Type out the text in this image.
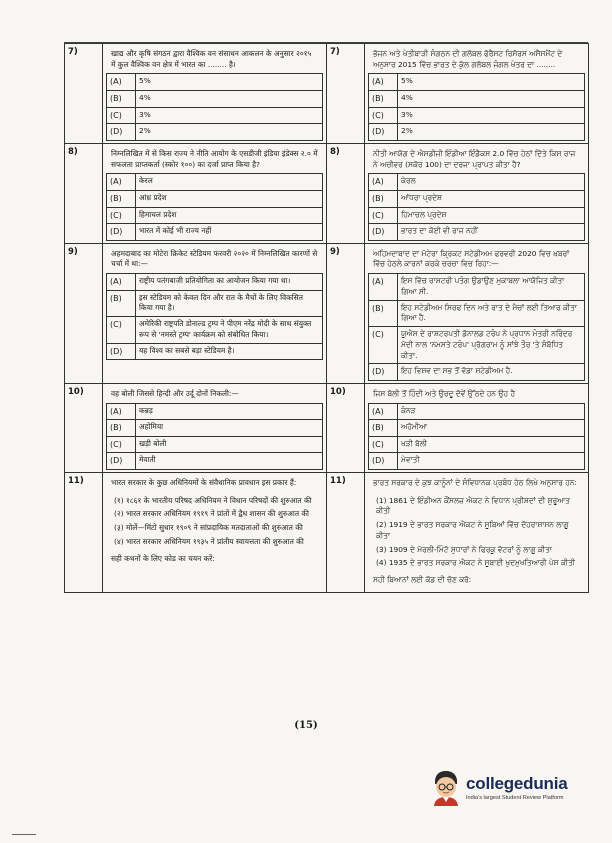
7)	खाद्य और कृषि संगठन द्वारा वैश्विक वन संसाधन आकलन के अनुसार २०१५ में कुल वैश्विक वन क्षेत्र में भारत का ........ है।
(A)	5%
(B)	4%
(C)	3%
(D)	2%
	7)	ਭੋਜਨ ਅਤੇ ਖੇਤੀਬਾੜੀ ਸੰਗਠਨ ਦੀ ਗਲੋਬਲ ਫੋਰੈਸਟ ਰਿਸੋਰਸ ਅਸੈਸਮੈਂਟ ਦੇ ਅਨੁਸਾਰ 2015 ਵਿੱਚ ਭਾਰਤ ਦੇ ਕੁੱਲ ਗਲੋਬਲ ਜੰਗਲ ਖੇਤਰ ਦਾ ........
(A)	5%
(B)	4%
(C)	3%
(D)	2%

8)	निम्नलिखित में से किस राज्य ने नीति आयोग के एसडीजी इंडिया इंडेक्स २.० में सफलता प्राप्तकर्ता (स्कोर १००) का दर्जा प्राप्त किया है?
(A)	केरल
(B)	आंध्र प्रदेश
(C)	हिमाचल प्रदेश
(D)	भारत में कोई भी राज्य नहीं
	8)	ਨੀਤੀ ਆਯੋਗ ਦੇ ਐਸਡੀਜੀ ਇੰਡੀਆ ਇੰਡੈਕਸ 2.0 ਵਿੱਚ ਹੇਠਾਂ ਦਿੱਤੇ ਕਿਸ ਰਾਜ ਨੇ ਅਚੀਵਰ (ਸਕੋਰ 100) ਦਾ ਦਰਜਾ ਪ੍ਰਾਪਤ ਕੀਤਾ ਹੈ?
(A)	ਕੇਰਲ
(B)	ਆਂਧਰਾ ਪ੍ਰਦੇਸ਼
(C)	ਹਿਮਾਚਲ ਪ੍ਰਦੇਸ਼
(D)	ਭਾਰਤ ਦਾ ਕੋਈ ਵੀ ਰਾਜ ਨਹੀਂ

9)	अहमदाबाद का मोटेरा क्रिकेट स्टेडियम फरवरी २०२० में निम्नलिखित कारणों से चर्चा में था:—
(A)	राष्ट्रीय पतंगबाजी प्रतियोगिता का आयोजन किया गया था।
(B)	इस स्टेडियम को केवल दिन और रात के मैचों के लिए विकसित किया गया है।
(C)	अमेरिकी राष्ट्रपति डोनाल्ड ट्रम्प ने पीएम नरेंद्र मोदी के साथ संयुक्त रूप से 'नमस्ते ट्रम्प' कार्यक्रम को संबोधित किया।
(D)	यह विश्व का सबसे बड़ा स्टेडियम है।
	9)	ਅਹਿਮਦਾਬਾਦ ਦਾ ਮੋਟੇਰਾ ਕ੍ਰਿਕਟ ਸਟੇਡੀਅਮ ਫਰਵਰੀ 2020 ਵਿਚ ਖ਼ਬਰਾਂ ਵਿੱਚ ਹੇਠਲੇ ਕਾਰਨਾਂ ਕਰਕੇ ਚਰਚਾ ਵਿਚ ਰਿਹਾ:—
(A)	ਇਸ ਵਿੱਚ ਰਾਸ਼ਟਰੀ ਪਤੰਗ ਉਡਾਉਣ ਮੁਕਾਬਲਾ ਆਯੋਜਿਤ ਕੀਤਾ ਗਿਆ ਸੀ.
(B)	ਇਹ ਸਟੇਡੀਅਮ ਸਿਰਫ ਦਿਨ ਅਤੇ ਰਾਤ ਦੇ ਮੈਚਾਂ ਲਈ ਤਿਆਰ ਕੀਤਾ ਗਿਆ ਹੈ.
(C)	ਯੂਐਸ ਦੇ ਰਾਸ਼ਟਰਪਤੀ ਡੋਨਾਲਡ ਟਰੰਪ ਨੇ ਪ੍ਰਧਾਨ ਮੰਤਰੀ ਨਰਿੰਦਰ ਮੋਦੀ ਨਾਲ 'ਨਮਸਤੇ ਟਰੰਪ' ਪ੍ਰੋਗਰਾਮ ਨੂੰ ਸਾਂਝੇ ਤੌਰ 'ਤੇ ਸੰਬੋਧਿਤ ਕੀਤਾ.
(D)	ਇਹ ਵਿਸ਼ਵ ਦਾ ਸਭ ਤੋਂ ਵੱਡਾ ਸਟੇਡੀਅਮ ਹੈ.

10)	वह बोली जिससे हिन्दी और उर्दू दोनों निकली:—
(A)	कन्नड़
(B)	अहोमिया
(C)	खड़ी बोली
(D)	मेवाती
	10)	ਜਿਸ ਬੋਲੀ ਤੋਂ ਹਿੰਦੀ ਅਤੇ ਉਰਦੂ ਦੋਵੇਂ ਉੱਠਦੇ ਹਨ ਉਹ ਹੈ
(A)	ਕੰਨੜ
(B)	ਅਹੋਮੀਆ
(C)	ਖੜੀ ਬੋਲੀ
(D)	ਮੇਵਾਤੀ

11)	भारत सरकार के कुछ अधिनियमों के संवैधानिक प्रावधान इस प्रकार हैं:
(१) १८६१ के भारतीय परिषद अधिनियम ने विधान परिषदों की शुरुआत की
(२) भारत सरकार अधिनियम १९१९ ने प्रांतों में द्वैध शासन की शुरुआत की
(३) मोर्ले—मिंटो सुधार १९०९ ने सांप्रदायिक मतदाताओं की शुरुआत की
(४) भारत सरकार अधिनियम १९३५ ने प्रांतीय स्वायत्तता की शुरुआत की
सही कथनों के लिए कोड का चयन करें:
	11)	ਭਾਰਤ ਸਰਕਾਰ ਦੇ ਕੁਝ ਕਾਨੂੰਨਾਂ ਦੇ ਸੰਵਿਧਾਨਕ ਪ੍ਰਬੰਧ ਹੇਠ ਲਿਖੇ ਅਨੁਸਾਰ ਹਨ:
(1) 1861 ਦੇ ਇੰਡੀਅਨ ਕੌਂਸਲਜ਼ ਐਕਟ ਨੇ ਵਿਧਾਨ ਪ੍ਰੀਸ਼ਦਾਂ ਦੀ ਸ਼ੁਰੂਆਤ ਕੀਤੀ
(2) 1919 ਦੇ ਭਾਰਤ ਸਰਕਾਰ ਐਕਟ ਨੇ ਸੂਬਿਆਂ ਵਿੱਚ ਦੋਹਰਾਸ਼ਾਸਨ ਲਾਗੂ ਕੀਤਾ
(3) 1909 ਦੇ ਮੋਰਲੀ-ਮਿੰਟੋ ਸੁਧਾਰਾਂ ਨੇ ਫਿਰਕੂ ਵੋਟਰਾਂ ਨੂੰ ਲਾਗੂ ਕੀਤਾ
(4) 1935 ਦੇ ਭਾਰਤ ਸਰਕਾਰ ਐਕਟ ਨੇ ਸੂਬਾਈ ਖੁਦਮੁਖਤਿਆਰੀ ਪੇਸ਼ ਕੀਤੀ
ਸਹੀ ਬਿਆਨਾਂ ਲਈ ਕੋਡ ਦੀ ਚੋਣ ਕਰੋ:
(15)
collegedunia
India's largest Student Review Platform
